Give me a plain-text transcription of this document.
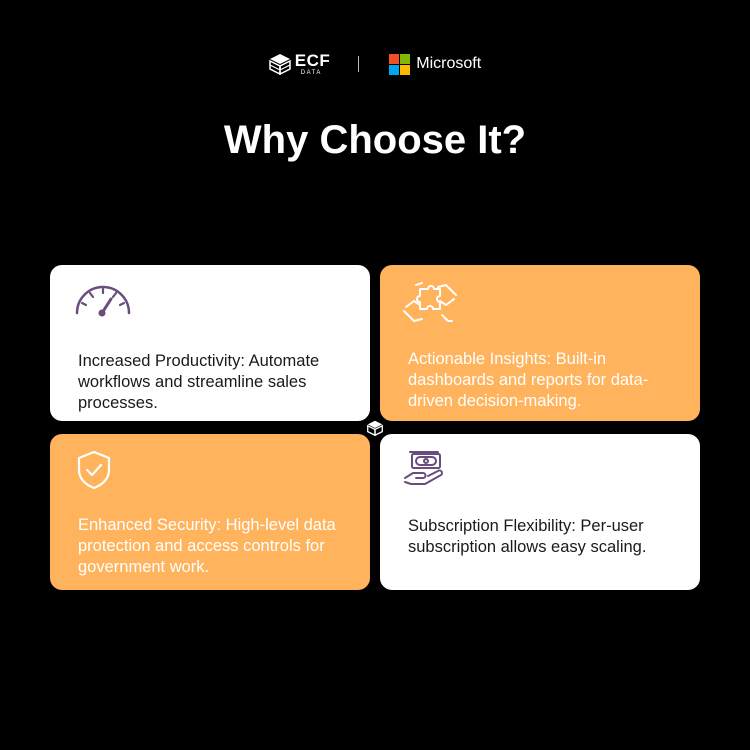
ECF
DATA
Microsoft
Why Choose It?
Increased Productivity: Automate workflows and streamline sales processes.
Actionable Insights: Built-in dashboards and reports for data-driven decision-making.
Enhanced Security: High-level data protection and access controls for government work.
Subscription Flexibility: Per-user subscription allows easy scaling.
